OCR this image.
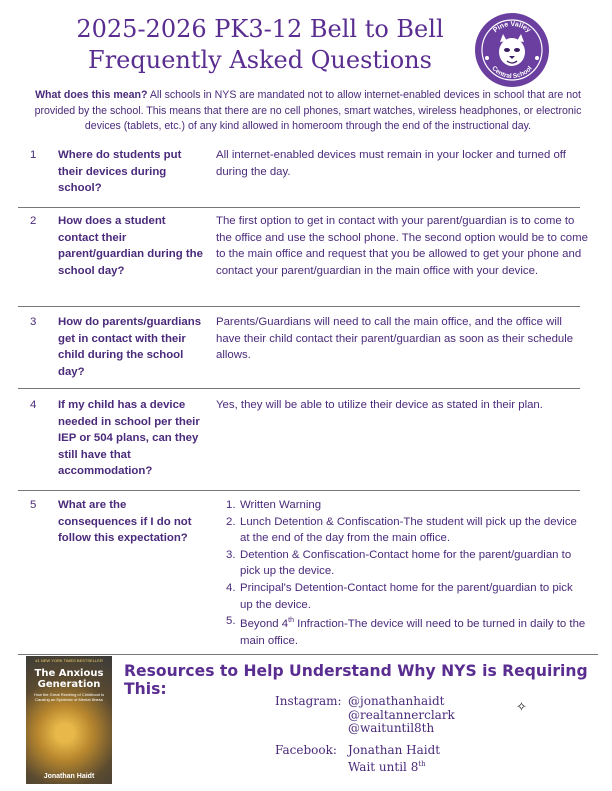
2025-2026 PK3-12 Bell to Bell
Frequently Asked Questions
Pine Valley
Central School
What does this mean? All schools in NYS are mandated not to allow internet-enabled devices in school that are not provided by the school. This means that there are no cell phones, smart watches, wireless headphones, or electronic devices (tablets, etc.) of any kind allowed in homeroom through the end of the instructional day.
1	Where do students put their devices during school?
All internet-enabled devices must remain in your locker and turned off during the day.
2	How does a student contact their parent/guardian during the school day?
The first option to get in contact with your parent/guardian is to come to the office and use the school phone. The second option would be to come to the main office and request that you be allowed to get your phone and contact your parent/guardian in the main office with your device.
3	How do parents/guardians get in contact with their child during the school day?
Parents/Guardians will need to call the main office, and the office will have their child contact their parent/guardian as soon as their schedule allows.
4	If my child has a device needed in school per their IEP or 504 plans, can they still have that accommodation?
Yes, they will be able to utilize their device as stated in their plan.
5	What are the consequences if I do not follow this expectation?
1. Written Warning
2. Lunch Detention & Confiscation-The student will pick up the device at the end of the day from the main office.
3. Detention & Confiscation-Contact home for the parent/guardian to pick up the device.
4. Principal's Detention-Contact home for the parent/guardian to pick up the device.
5. Beyond 4th Infraction-The device will need to be turned in daily to the main office.
#1 NEW YORK TIMES BESTSELLER
The Anxious Generation
How the Great Rewiring of Childhood Is Causing an Epidemic of Mental Illness
Jonathan Haidt
Resources to Help Understand Why NYS is Requiring This:
Instagram: @jonathanhaidt
@realtannerclark
@waituntil8th
✧
Facebook: Jonathan Haidt
Wait until 8th
